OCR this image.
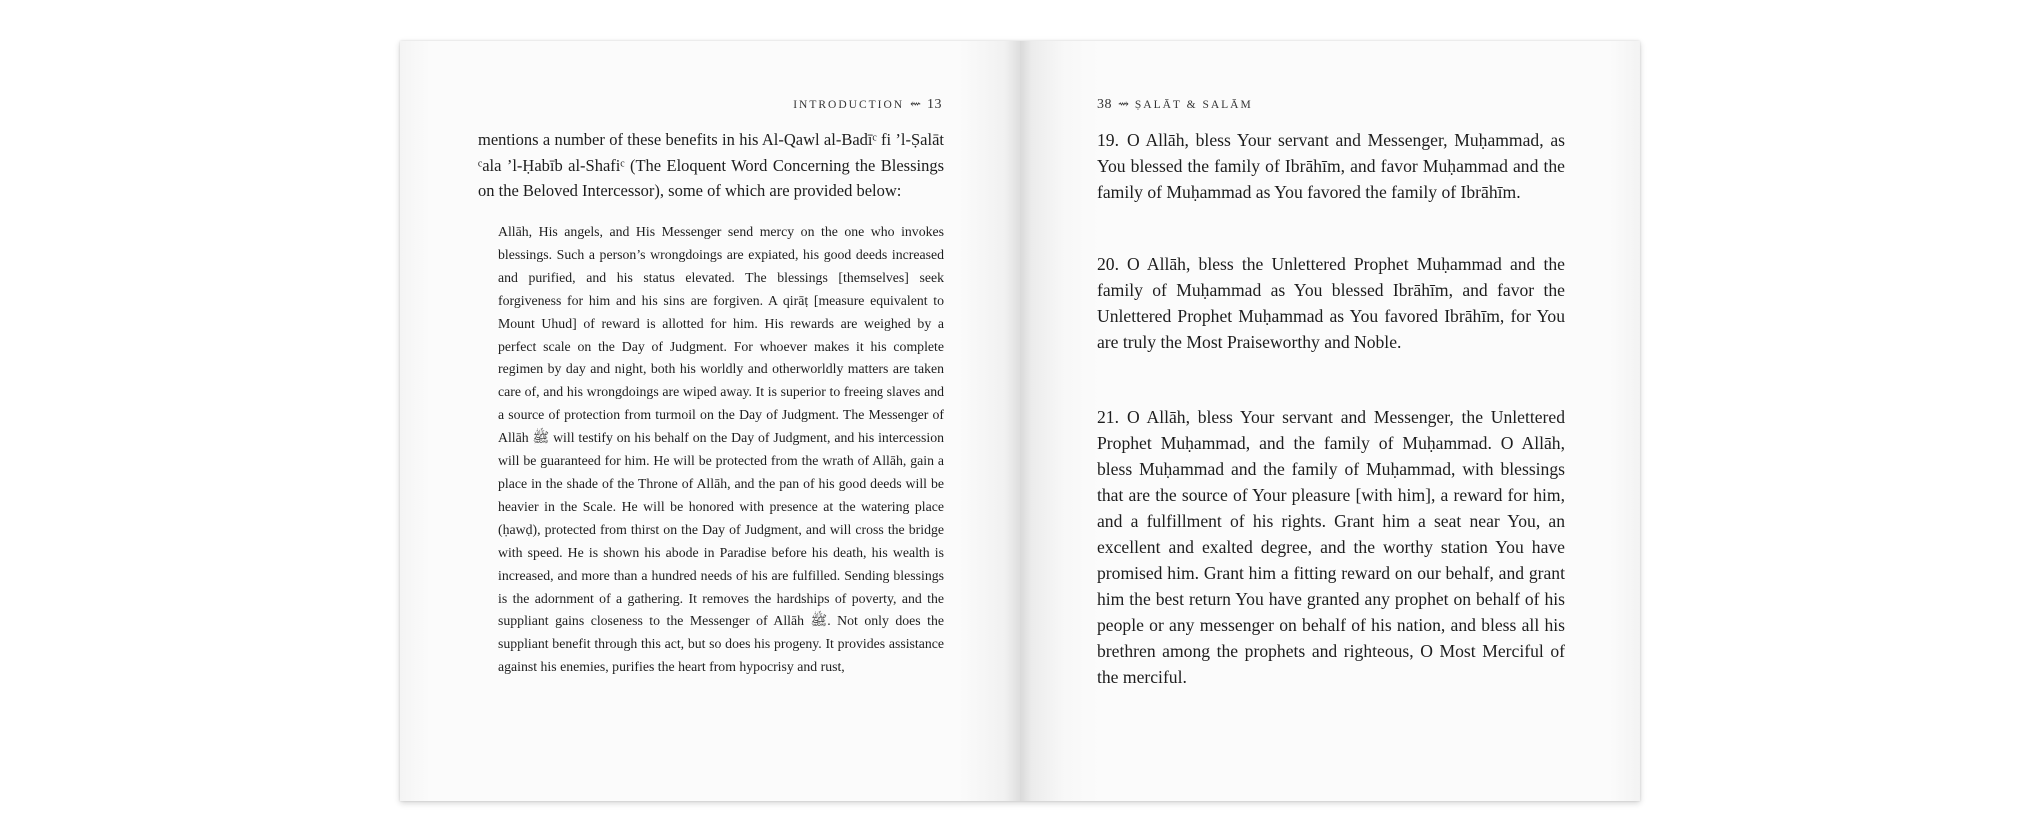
INTRODUCTION ⇜ 13

mentions a number of these benefits in his Al-Qawl al-Badīᶜ fi ’l-Ṣalāt ᶜala ’l-Ḥabīb al-Shafiᶜ (The Eloquent Word Concerning the Blessings on the Beloved Intercessor), some of which are provided below:

Allāh, His angels, and His Messenger send mercy on the one who invokes blessings. Such a person’s wrongdoings are expiated, his good deeds increased and purified, and his status elevated. The blessings [themselves] seek forgiveness for him and his sins are forgiven. A qirāṭ [measure equivalent to Mount Uhud] of reward is allotted for him. His rewards are weighed by a perfect scale on the Day of Judgment. For whoever makes it his complete regimen by day and night, both his worldly and otherworldly matters are taken care of, and his wrongdoings are wiped away. It is superior to freeing slaves and a source of protection from turmoil on the Day of Judgment. The Messenger of Allāh ﷺ will testify on his behalf on the Day of Judgment, and his intercession will be guaranteed for him. He will be protected from the wrath of Allāh, gain a place in the shade of the Throne of Allāh, and the pan of his good deeds will be heavier in the Scale. He will be honored with presence at the watering place (ḥawḍ), protected from thirst on the Day of Judgment, and will cross the bridge with speed. He is shown his abode in Paradise before his death, his wealth is increased, and more than a hundred needs of his are fulfilled. Sending blessings is the adornment of a gathering. It removes the hardships of poverty, and the suppliant gains closeness to the Messenger of Allāh ﷺ. Not only does the suppliant benefit through this act, but so does his progeny. It provides assistance against his enemies, purifies the heart from hypocrisy and rust,

38 ⇝ ṢALĀT & SALĀM

19. O Allāh, bless Your servant and Messenger, Muḥammad, as You blessed the family of Ibrāhīm, and favor Muḥammad and the family of Muḥammad as You favored the family of Ibrāhīm.

20. O Allāh, bless the Unlettered Prophet Muḥammad and the family of Muḥammad as You blessed Ibrāhīm, and favor the Unlettered Prophet Muḥammad as You favored Ibrāhīm, for You are truly the Most Praiseworthy and Noble.

21. O Allāh, bless Your servant and Messenger, the Unlettered Prophet Muḥammad, and the family of Muḥammad. O Allāh, bless Muḥammad and the family of Muḥammad, with blessings that are the source of Your pleasure [with him], a reward for him, and a fulfillment of his rights. Grant him a seat near You, an excellent and exalted degree, and the worthy station You have promised him. Grant him a fitting reward on our behalf, and grant him the best return You have granted any prophet on behalf of his people or any messenger on behalf of his nation, and bless all his brethren among the prophets and righteous, O Most Merciful of the merciful.
